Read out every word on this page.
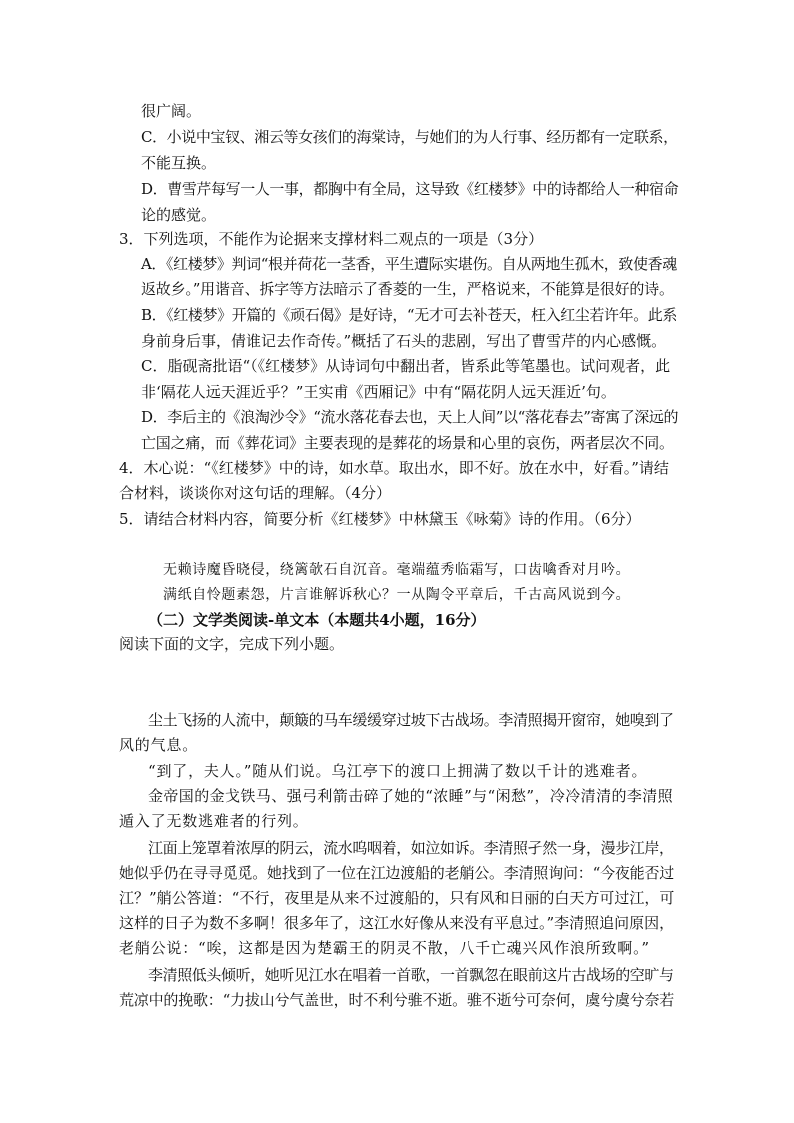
很广阔。
C．小说中宝钗、湘云等女孩们的海棠诗，与她们的为人行事、经历都有一定联系，
不能互换。
D．曹雪芹每写一人一事，都胸中有全局，这导致《红楼梦》中的诗都给人一种宿命
论的感觉。
3．下列选项，不能作为论据来支撑材料二观点的一项是（3分）
A．《红楼梦》判词“根并荷花一茎香，平生遭际实堪伤。自从两地生孤木，致使香魂
返故乡。”用谐音、拆字等方法暗示了香菱的一生，严格说来，不能算是很好的诗。
B．《红楼梦》开篇的《顽石偈》是好诗，“无才可去补苍天，枉入红尘若许年。此系
身前身后事，倩谁记去作奇传。”概括了石头的悲剧，写出了曹雪芹的内心感慨。
C．脂砚斋批语“（《红楼梦》从诗词句中翻出者，皆系此等笔墨也。试问观者，此
非‘隔花人远天涯近乎？”王实甫《西厢记》中有“隔花阴人远天涯近’句。
D．李后主的《浪淘沙令》“流水落花春去也，天上人间”以“落花春去”寄寓了深远的
亡国之痛，而《葬花词》主要表现的是葬花的场景和心里的哀伤，两者层次不同。
4．木心说：“《红楼梦》中的诗，如水草。取出水，即不好。放在水中，好看。”请结
合材料，谈谈你对这句话的理解。（4分）
5．请结合材料内容，简要分析《红楼梦》中林黛玉《咏菊》诗的作用。（6分）
无赖诗魔昏晓侵，绕篱欹石自沉音。毫端蕴秀临霜写，口齿噙香对月吟。
满纸自怜题素怨，片言谁解诉秋心？一从陶令平章后，千古高风说到今。
（二）文学类阅读-单文本（本题共4小题，16分）
阅读下面的文字，完成下列小题。
尘土飞扬的人流中，颠簸的马车缓缓穿过坡下古战场。李清照揭开窗帘，她嗅到了
风的气息。
“到了，夫人。”随从们说。乌江亭下的渡口上拥满了数以千计的逃难者。
金帝国的金戈铁马、强弓利箭击碎了她的“浓睡”与“闲愁”，冷冷清清的李清照
遁入了无数逃难者的行列。
江面上笼罩着浓厚的阴云，流水呜咽着，如泣如诉。李清照孑然一身，漫步江岸，
她似乎仍在寻寻觅觅。她找到了一位在江边渡船的老艄公。李清照询问：“今夜能否过
江？”艄公答道：“不行，夜里是从来不过渡船的，只有风和日丽的白天方可过江，可
这样的日子为数不多啊！很多年了，这江水好像从来没有平息过。”李清照追问原因，
老艄公说：“唉，这都是因为楚霸王的阴灵不散，八千亡魂兴风作浪所致啊。”
李清照低头倾听，她听见江水在唱着一首歌，一首飘忽在眼前这片古战场的空旷与
荒凉中的挽歌：“力拔山兮气盖世，时不利兮骓不逝。骓不逝兮可奈何，虞兮虞兮奈若
